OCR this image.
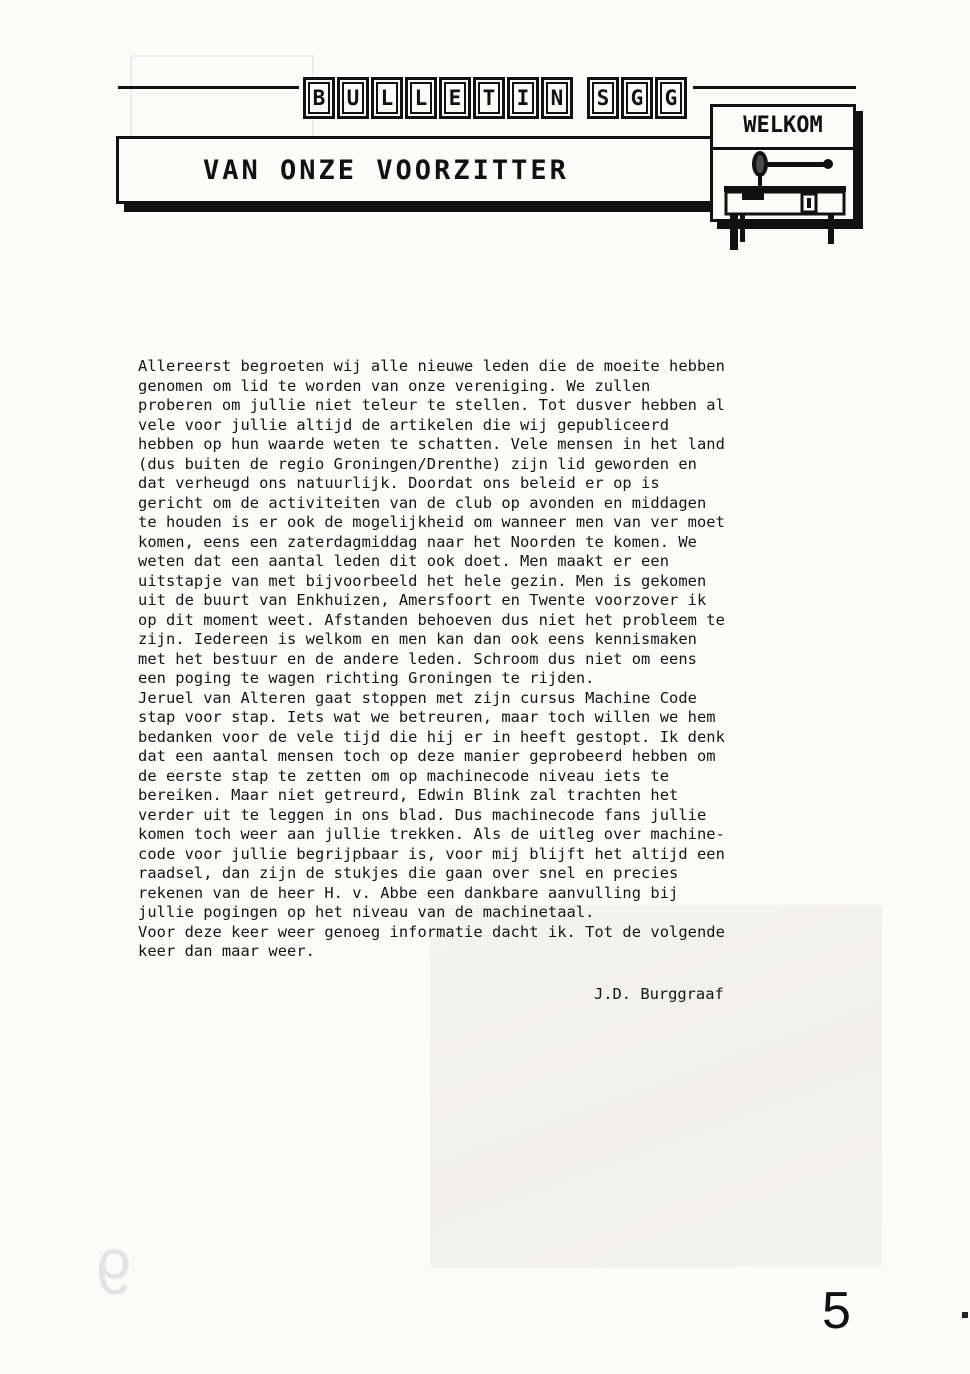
9
B	U	L	L	E	T	I	N	S	G	G
VAN ONZE VOORZITTER
WELKOM
Allereerst begroeten wij alle nieuwe leden die de moeite hebben
genomen om lid te worden van onze vereniging. We zullen
proberen om jullie niet teleur te stellen. Tot dusver hebben al
vele voor jullie altijd de artikelen die wij gepubliceerd
hebben op hun waarde weten te schatten. Vele mensen in het land
(dus buiten de regio Groningen/Drenthe) zijn lid geworden en
dat verheugd ons natuurlijk. Doordat ons beleid er op is
gericht om de activiteiten van de club op avonden en middagen
te houden is er ook de mogelijkheid om wanneer men van ver moet
komen, eens een zaterdagmiddag naar het Noorden te komen. We
weten dat een aantal leden dit ook doet. Men maakt er een
uitstapje van met bijvoorbeeld het hele gezin. Men is gekomen
uit de buurt van Enkhuizen, Amersfoort en Twente voorzover ik
op dit moment weet. Afstanden behoeven dus niet het probleem te
zijn. Iedereen is welkom en men kan dan ook eens kennismaken
met het bestuur en de andere leden. Schroom dus niet om eens
een poging te wagen richting Groningen te rijden.
Jeruel van Alteren gaat stoppen met zijn cursus Machine Code
stap voor stap. Iets wat we betreuren, maar toch willen we hem
bedanken voor de vele tijd die hij er in heeft gestopt. Ik denk
dat een aantal mensen toch op deze manier geprobeerd hebben om
de eerste stap te zetten om op machinecode niveau iets te
bereiken. Maar niet getreurd, Edwin Blink zal trachten het
verder uit te leggen in ons blad. Dus machinecode fans jullie
komen toch weer aan jullie trekken. Als de uitleg over machine-
code voor jullie begrijpbaar is, voor mij blijft het altijd een
raadsel, dan zijn de stukjes die gaan over snel en precies
rekenen van de heer H. v. Abbe een dankbare aanvulling bij
jullie pogingen op het niveau van de machinetaal.
Voor deze keer weer genoeg informatie dacht ik. Tot de volgende
keer dan maar weer.
J.D. Burggraaf
5
